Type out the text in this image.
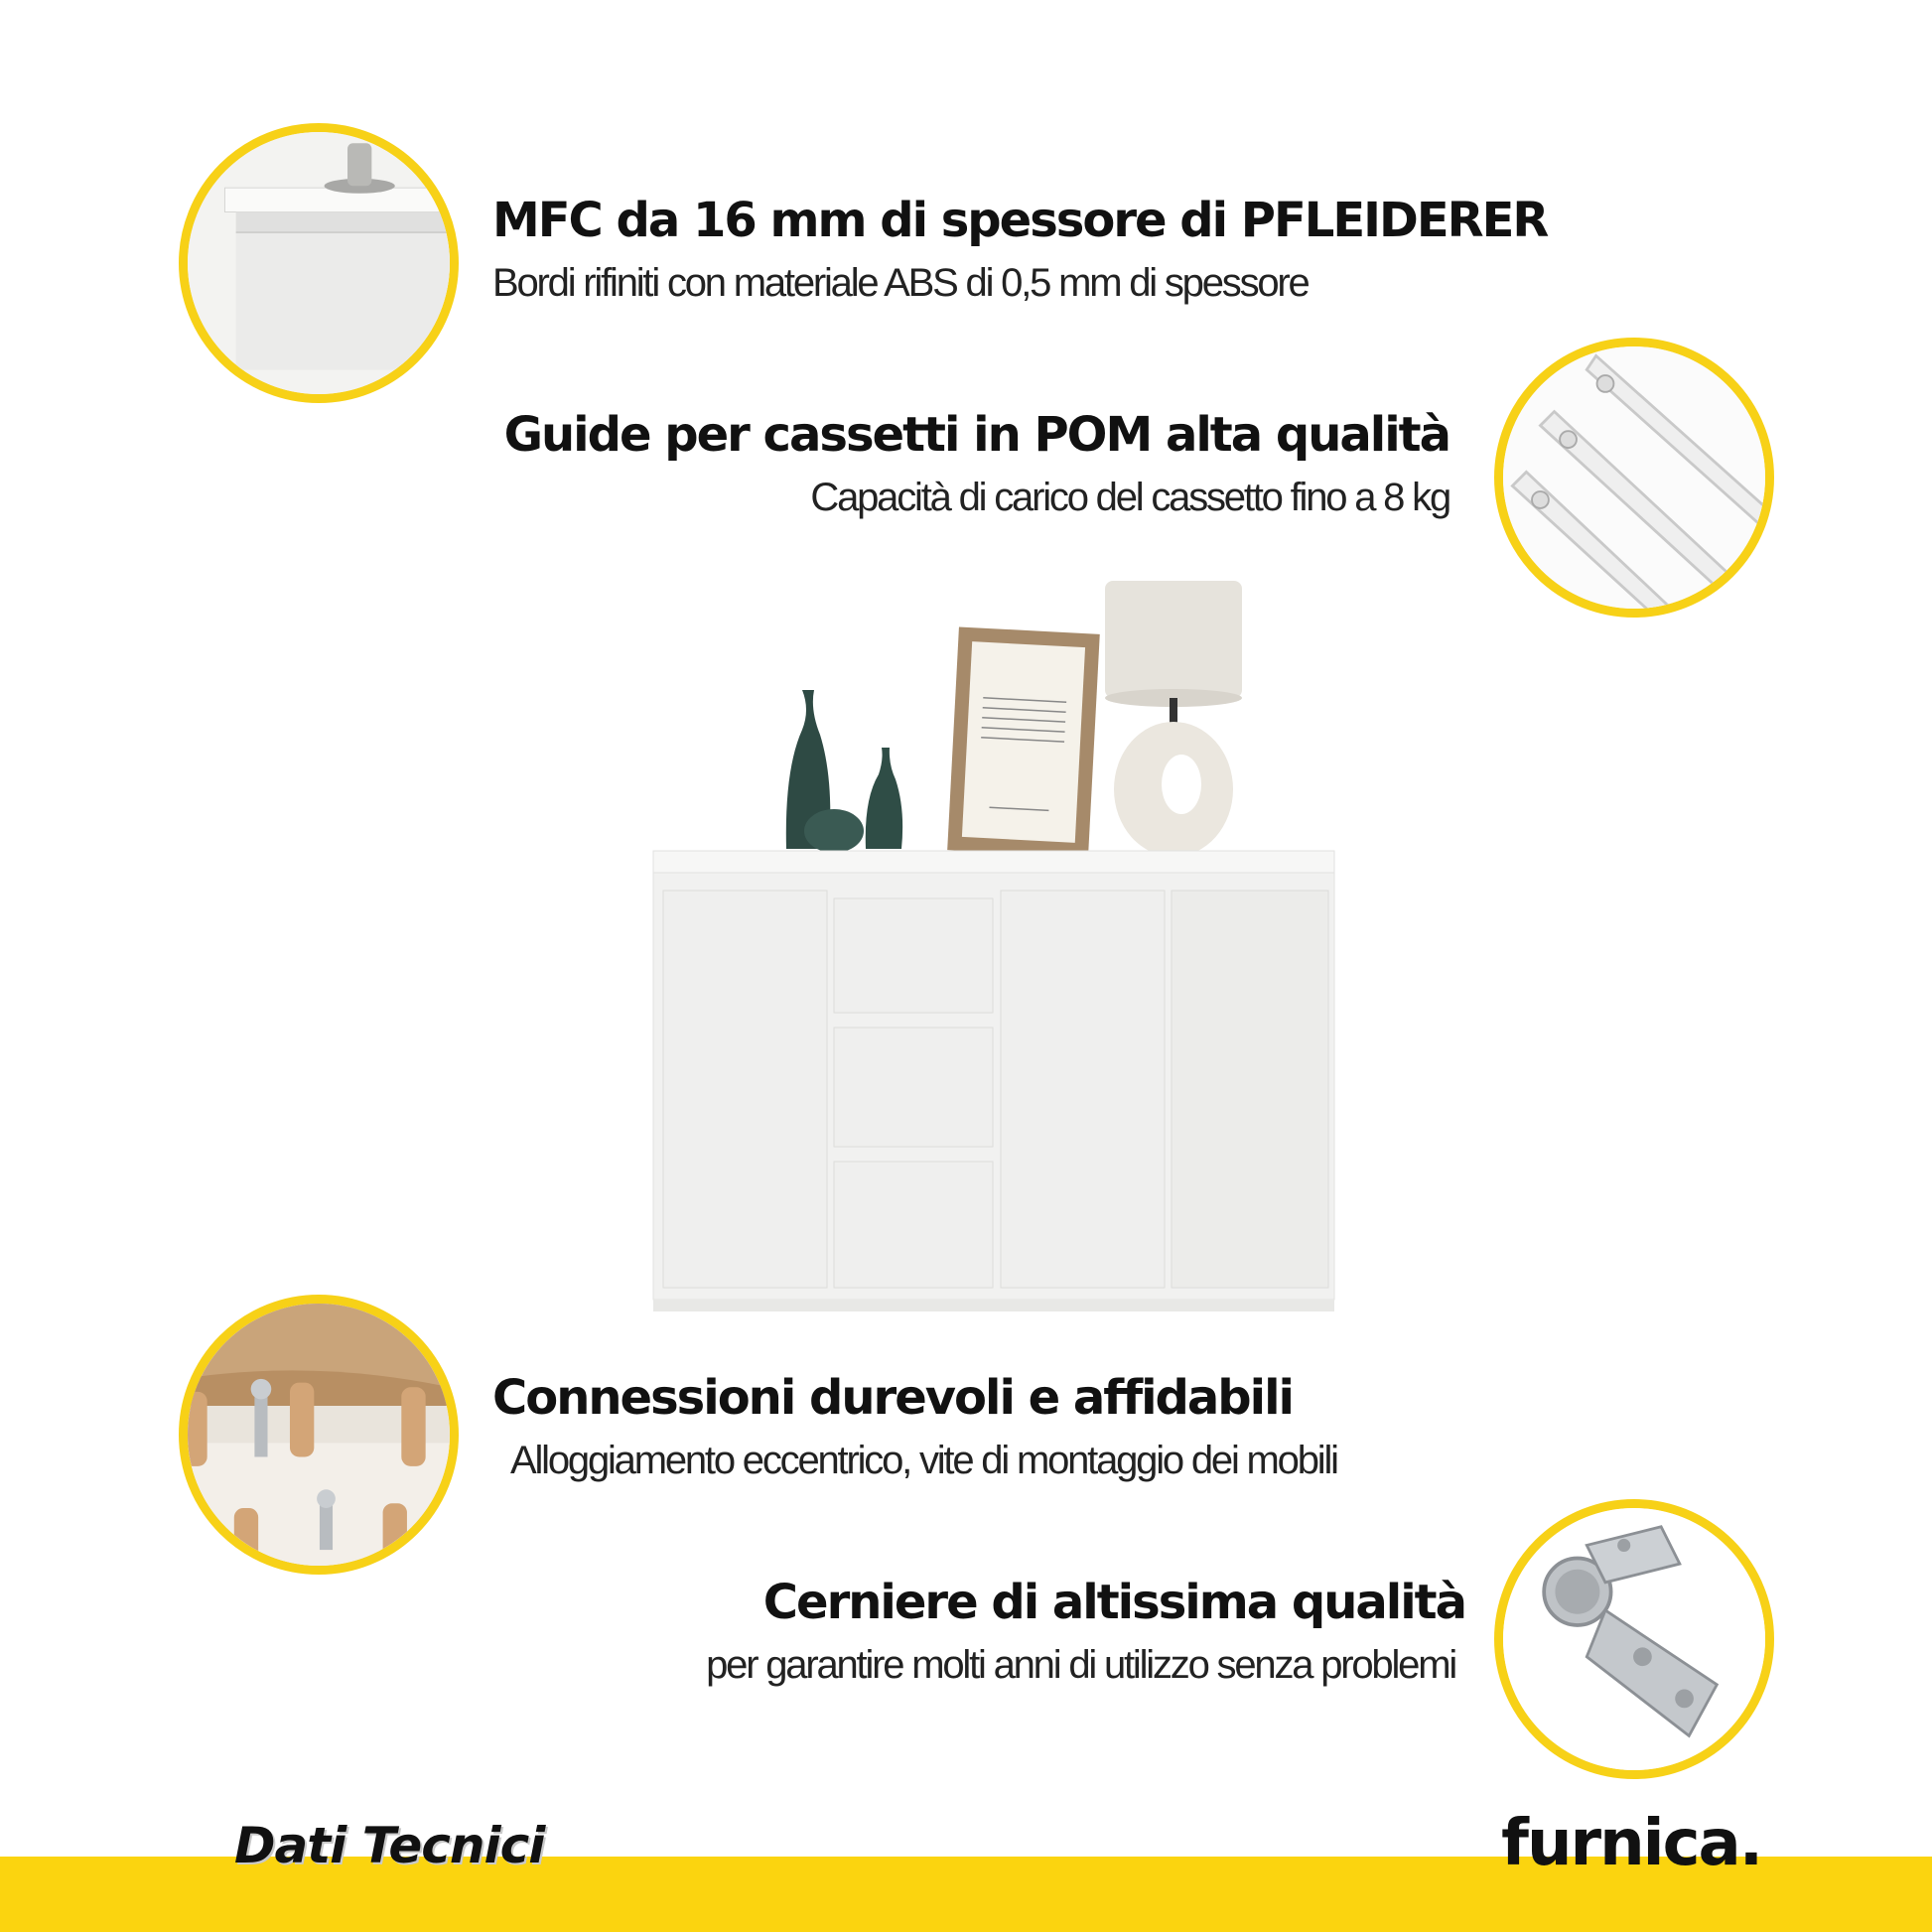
MFC da 16 mm di spessore di PFLEIDERER
Bordi rifiniti con materiale ABS di 0,5 mm di spessore
Guide per cassetti in POM alta qualità
Capacità di carico del cassetto fino a 8 kg
Connessioni durevoli e affidabili
Alloggiamento eccentrico, vite di montaggio dei mobili
Cerniere di altissima qualità
per garantire molti anni di utilizzo senza problemi
Dati Tecnici	furnica.
